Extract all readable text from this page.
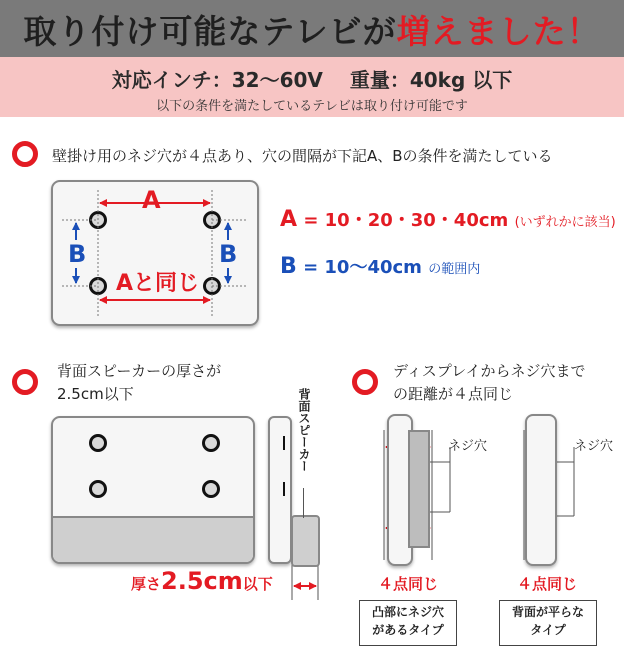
取り付け可能なテレビが増えました！
対応インチ：32〜60V　 重量：40kg 以下
以下の条件を満たしているテレビは取り付け可能です
壁掛け用のネジ穴が４点あり、穴の間隔が下記A、Bの条件を満たしている
A
Aと同じ
B	B
A = 10・20・30・40cm (いずれかに該当)
B = 10〜40cm の範囲内
背面スピーカーの厚さが
2.5cm以下	背面スピーカー
厚さ2.5cm以下
ディスプレイからネジ穴まで
の距離が４点同じ
ネジ穴	ネジ穴
４点同じ	４点同じ
凸部にネジ穴
があるタイプ
背面が平らな
タイプ
